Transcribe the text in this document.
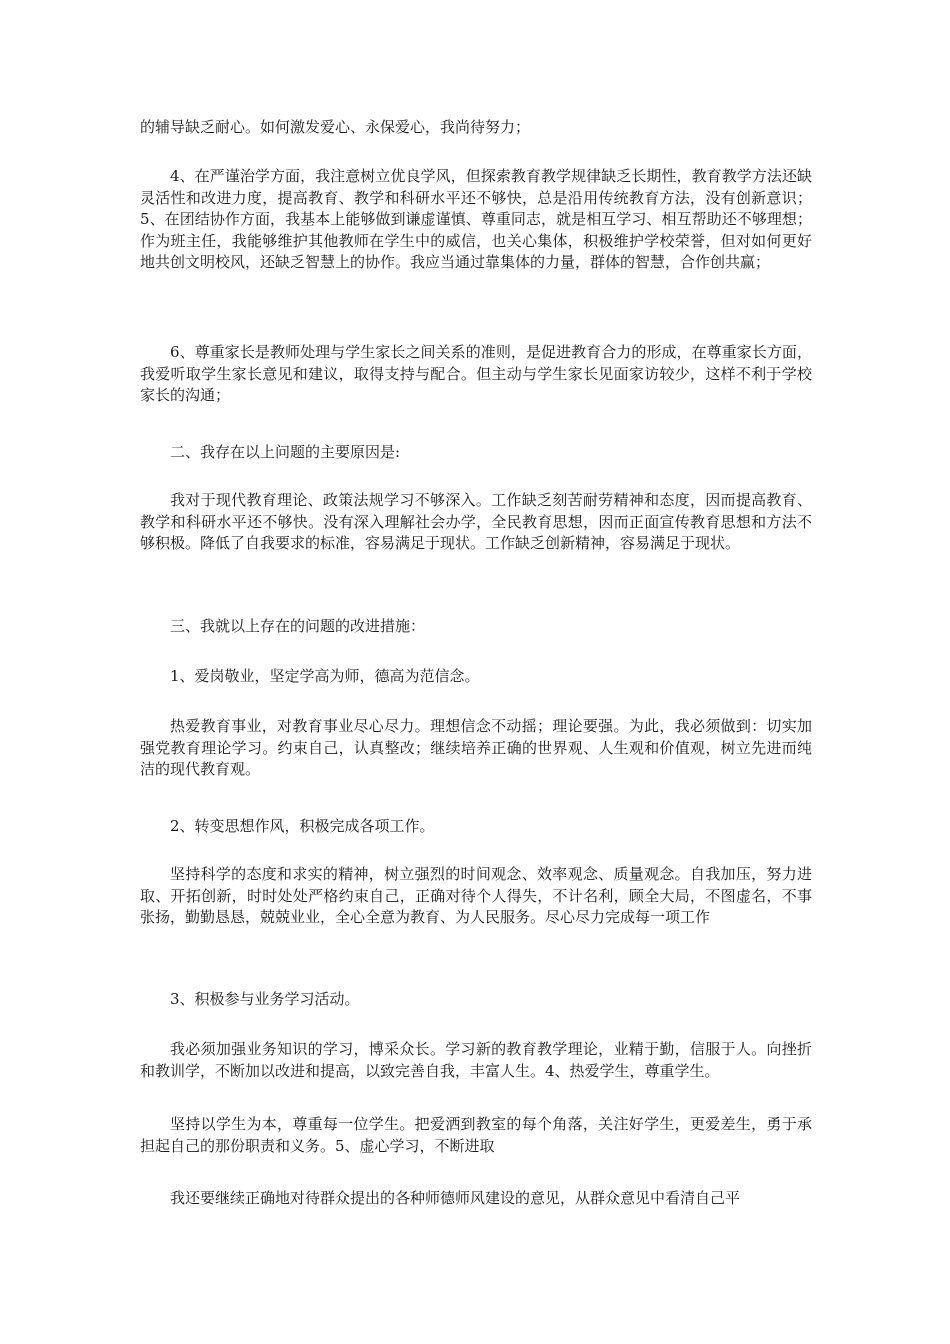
的辅导缺乏耐心。如何激发爱心、永保爱心，我尚待努力；

4、在严谨治学方面，我注意树立优良学风，但探索教育教学规律缺乏长期性，教育教学方法还缺灵活性和改进力度，提高教育、教学和科研水平还不够快，总是沿用传统教育方法，没有创新意识；5、在团结协作方面，我基本上能够做到谦虚谨慎、尊重同志，就是相互学习、相互帮助还不够理想；作为班主任，我能够维护其他教师在学生中的威信，也关心集体，积极维护学校荣誉，但对如何更好地共创文明校风，还缺乏智慧上的协作。我应当通过靠集体的力量，群体的智慧，合作创共赢；

6、尊重家长是教师处理与学生家长之间关系的准则，是促进教育合力的形成，在尊重家长方面，我爱听取学生家长意见和建议，取得支持与配合。但主动与学生家长见面家访较少，这样不利于学校家长的沟通；

二、我存在以上问题的主要原因是:

我对于现代教育理论、政策法规学习不够深入。工作缺乏刻苦耐劳精神和态度，因而提高教育、教学和科研水平还不够快。没有深入理解社会办学，全民教育思想，因而正面宣传教育思想和方法不够积极。降低了自我要求的标准，容易满足于现状。工作缺乏创新精神，容易满足于现状。

三、我就以上存在的问题的改进措施：

1、爱岗敬业，坚定学高为师，德高为范信念。

热爱教育事业，对教育事业尽心尽力。理想信念不动摇；理论要强。为此，我必须做到：切实加强党教育理论学习。约束自己，认真整改；继续培养正确的世界观、人生观和价值观，树立先进而纯洁的现代教育观。

2、转变思想作风，积极完成各项工作。

坚持科学的态度和求实的精神，树立强烈的时间观念、效率观念、质量观念。自我加压，努力进取、开拓创新，时时处处严格约束自己，正确对待个人得失，不计名利，顾全大局，不图虚名，不事张扬，勤勤恳恳，兢兢业业，全心全意为教育、为人民服务。尽心尽力完成每一项工作

3、积极参与业务学习活动。

我必须加强业务知识的学习，博采众长。学习新的教育教学理论，业精于勤，信服于人。向挫折和教训学，不断加以改进和提高，以致完善自我，丰富人生。4、热爱学生，尊重学生。

坚持以学生为本，尊重每一位学生。把爱洒到教室的每个角落，关注好学生，更爱差生，勇于承担起自己的那份职责和义务。5、虚心学习，不断进取

我还要继续正确地对待群众提出的各种师德师风建设的意见，从群众意见中看清自己平
